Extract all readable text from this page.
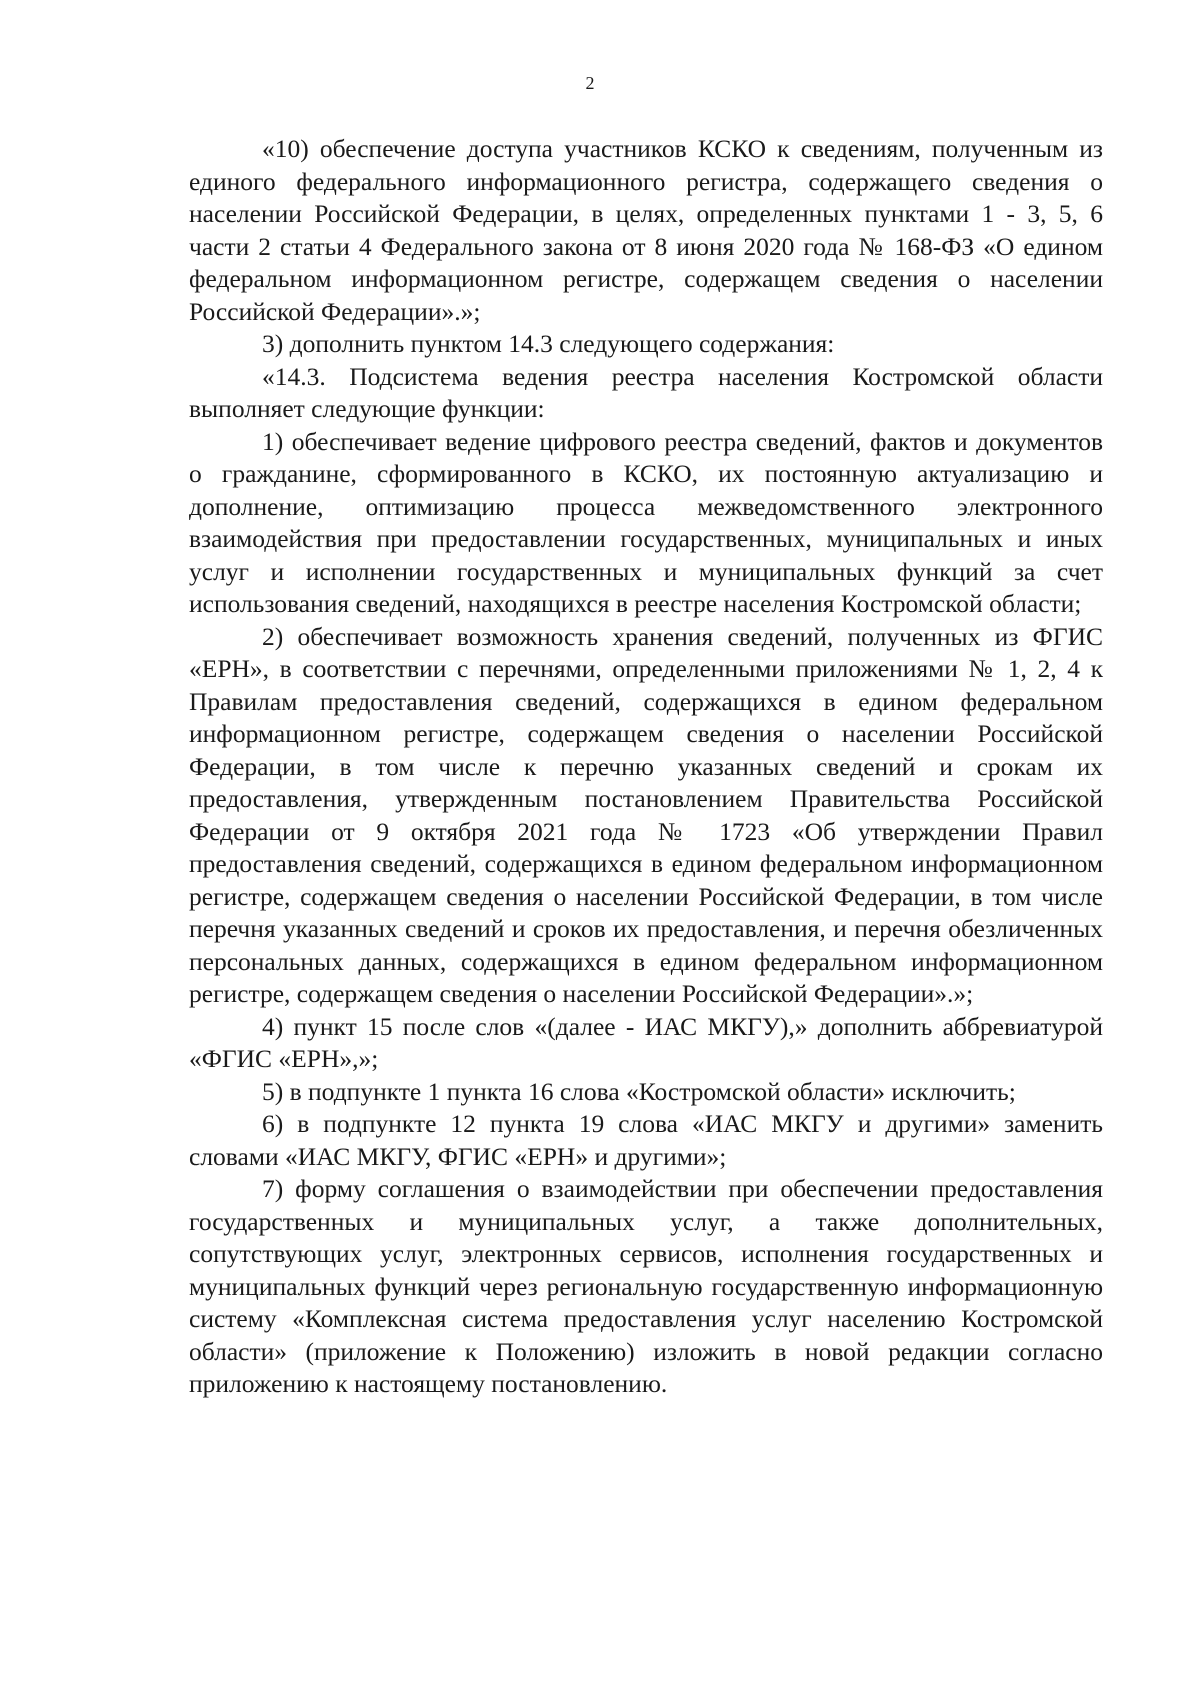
2

«10) обеспечение доступа участников КСКО к сведениям, полученным из единого федерального информационного регистра, содержащего сведения о населении Российской Федерации, в целях, определенных пунктами 1 - 3, 5, 6 части 2 статьи 4 Федерального закона от 8 июня 2020 года № 168-ФЗ «О едином федеральном информационном регистре, содержащем сведения о населении Российской Федерации».»;

3) дополнить пунктом 14.3 следующего содержания:

«14.3. Подсистема ведения реестра населения Костромской области выполняет следующие функции:

1) обеспечивает ведение цифрового реестра сведений, фактов и документов о гражданине, сформированного в КСКО, их постоянную актуализацию и дополнение, оптимизацию процесса межведомственного электронного взаимодействия при предоставлении государственных, муниципальных и иных услуг и исполнении государственных и муниципальных функций за счет использования сведений, находящихся в реестре населения Костромской области;

2) обеспечивает возможность хранения сведений, полученных из ФГИС «ЕРН», в соответствии с перечнями, определенными приложениями № 1, 2, 4 к Правилам предоставления сведений, содержащихся в едином федеральном информационном регистре, содержащем сведения о населении Российской Федерации, в том числе к перечню указанных сведений и срокам их предоставления, утвержденным постановлением Правительства Российской Федерации от 9 октября 2021 года № 1723 «Об утверждении Правил предоставления сведений, содержащихся в едином федеральном информационном регистре, содержащем сведения о населении Российской Федерации, в том числе перечня указанных сведений и сроков их предоставления, и перечня обезличенных персональных данных, содержащихся в едином федеральном информационном регистре, содержащем сведения о населении Российской Федерации».»;

4) пункт 15 после слов «(далее - ИАС МКГУ),» дополнить аббревиатурой «ФГИС «ЕРН»,»;

5) в подпункте 1 пункта 16 слова «Костромской области» исключить;

6) в подпункте 12 пункта 19 слова «ИАС МКГУ и другими» заменить словами «ИАС МКГУ, ФГИС «ЕРН» и другими»;

7) форму соглашения о взаимодействии при обеспечении предоставления государственных и муниципальных услуг, а также дополнительных, сопутствующих услуг, электронных сервисов, исполнения государственных и муниципальных функций через региональную государственную информационную систему «Комплексная система предоставления услуг населению Костромской области» (приложение к Положению) изложить в новой редакции согласно приложению к настоящему постановлению.
